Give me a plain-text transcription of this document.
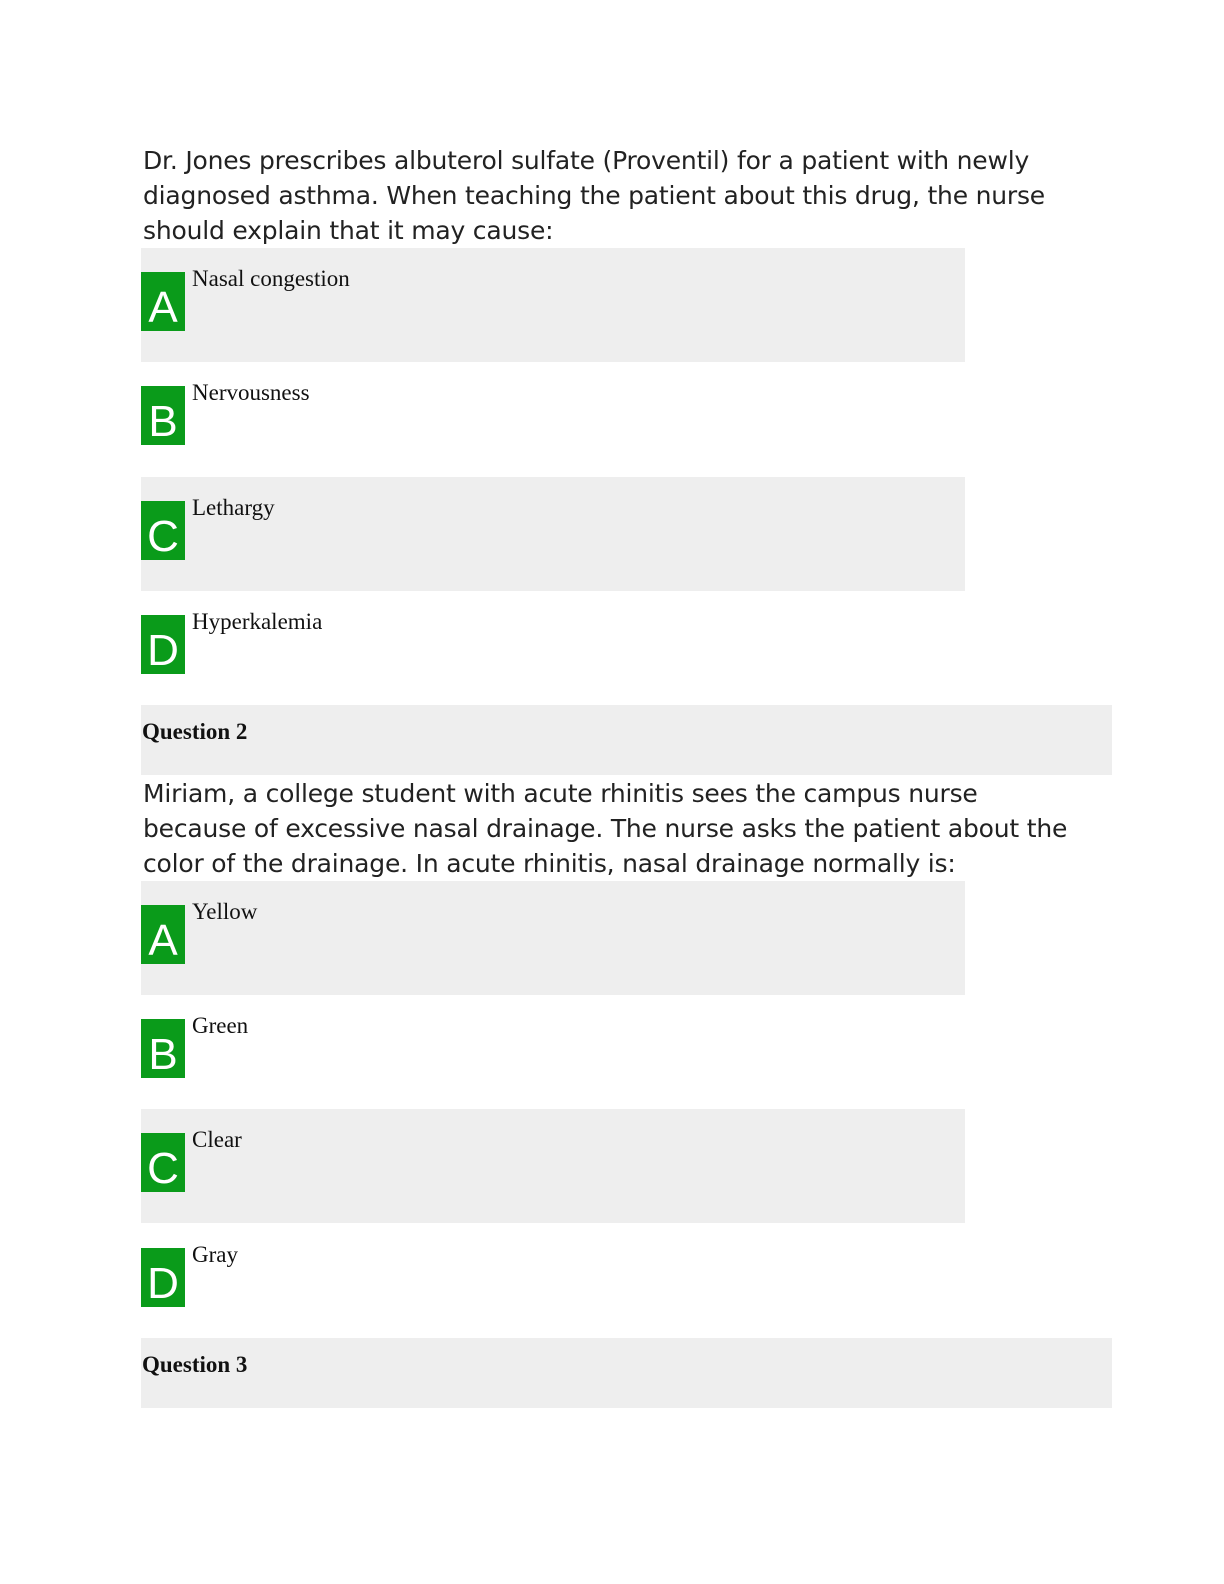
Dr. Jones prescribes albuterol sulfate (Proventil) for a patient with newly diagnosed asthma. When teaching the patient about this drug, the nurse should explain that it may cause:
A
Nasal congestion
B
Nervousness
C
Lethargy
D
Hyperkalemia
Question 2
Miriam, a college student with acute rhinitis sees the campus nurse because of excessive nasal drainage. The nurse asks the patient about the color of the drainage. In acute rhinitis, nasal drainage normally is:
A
Yellow
B
Green
C
Clear
D
Gray
Question 3
